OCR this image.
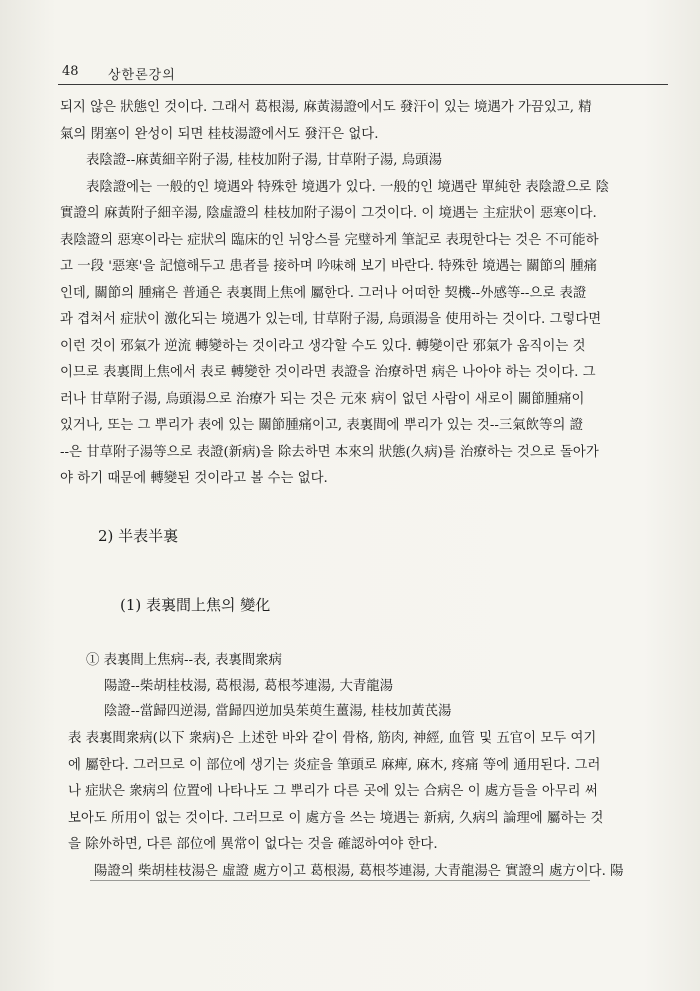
48 상한론강의
되지 않은 狀態인 것이다. 그래서 葛根湯, 麻黃湯證에서도 發汗이 있는 境遇가 가끔있고, 精
氣의 閉塞이 완성이 되면 桂枝湯證에서도 發汗은 없다.
表陰證--麻黃細辛附子湯, 桂枝加附子湯, 甘草附子湯, 烏頭湯
表陰證에는 一般的인 境遇와 特殊한 境遇가 있다. 一般的인 境遇란 單純한 表陰證으로 陰
實證의 麻黃附子細辛湯, 陰虛證의 桂枝加附子湯이 그것이다. 이 境遇는 主症狀이 惡寒이다.
表陰證의 惡寒이라는 症狀의 臨床的인 뉘앙스를 完璧하게 筆記로 表現한다는 것은 不可能하
고 一段 '惡寒'을 記憶해두고 患者를 接하며 吟味해 보기 바란다. 特殊한 境遇는 關節의 腫痛
인데, 關節의 腫痛은 普通은 表裏間上焦에 屬한다. 그러나 어떠한 契機--外感等--으로 表證
과 겹쳐서 症狀이 激化되는 境遇가 있는데, 甘草附子湯, 烏頭湯을 使用하는 것이다. 그렇다면
이런 것이 邪氣가 逆流 轉變하는 것이라고 생각할 수도 있다. 轉變이란 邪氣가 움직이는 것
이므로 表裏間上焦에서 表로 轉變한 것이라면 表證을 治療하면 病은 나아야 하는 것이다. 그
러나 甘草附子湯, 烏頭湯으로 治療가 되는 것은 元來 病이 없던 사람이 새로이 關節腫痛이
있거나, 또는 그 뿌리가 表에 있는 關節腫痛이고, 表裏間에 뿌리가 있는 것--三氣飲等의 證
--은 甘草附子湯等으로 表證(新病)을 除去하면 本來의 狀態(久病)를 治療하는 것으로 돌아가
야 하기 때문에 轉變된 것이라고 볼 수는 없다.
2) 半表半裏
(1) 表裏間上焦의 變化
① 表裏間上焦病--表, 表裏間衆病
陽證--柴胡桂枝湯, 葛根湯, 葛根芩連湯, 大青龍湯
陰證--當歸四逆湯, 當歸四逆加吳茱萸生薑湯, 桂枝加黃芪湯
表 表裏間衆病(以下 衆病)은 上述한 바와 같이 骨格, 筋肉, 神經, 血管 및 五官이 모두 여기
에 屬한다. 그러므로 이 部位에 생기는 炎症을 筆頭로 麻痺, 麻木, 疼痛 等에 通用된다. 그러
나 症狀은 衆病의 位置에 나타나도 그 뿌리가 다른 곳에 있는 合病은 이 處方들을 아무리 써
보아도 所用이 없는 것이다. 그러므로 이 處方을 쓰는 境遇는 新病, 久病의 論理에 屬하는 것
을 除外하면, 다른 部位에 異常이 없다는 것을 確認하여야 한다.
陽證의 柴胡桂枝湯은 虛證 處方이고 葛根湯, 葛根芩連湯, 大青龍湯은 實證의 處方이다. 陽
